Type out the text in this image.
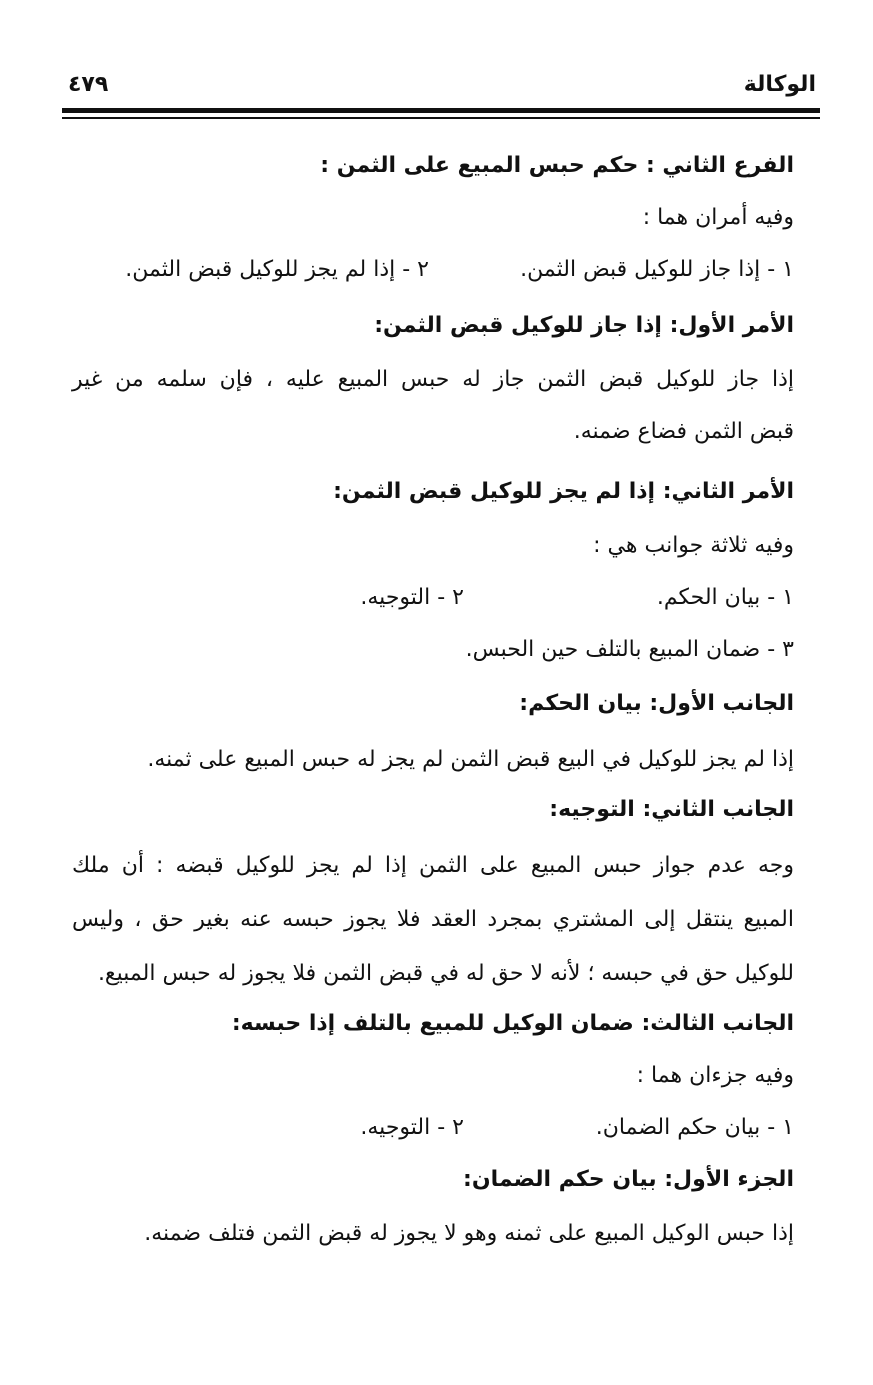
الوكالة
٤٧٩
الفرع الثاني : حكم حبس المبيع على الثمن :
وفيه أمران هما :
١ - إذا جاز للوكيل قبض الثمن.
٢ - إذا لم يجز للوكيل قبض الثمن.
الأمر الأول: إذا جاز للوكيل قبض الثمن:
إذا جاز للوكيل قبض الثمن جاز له حبس المبيع عليه ، فإن سلمه من غير
قبض الثمن فضاع ضمنه.
الأمر الثاني: إذا لم يجز للوكيل قبض الثمن:
وفيه ثلاثة جوانب هي :
١ - بيان الحكم.
٢ - التوجيه.
٣ - ضمان المبيع بالتلف حين الحبس.
الجانب الأول: بيان الحكم:
إذا لم يجز للوكيل في البيع قبض الثمن لم يجز له حبس المبيع على ثمنه.
الجانب الثاني: التوجيه:
وجه عدم جواز حبس المبيع على الثمن إذا لم يجز للوكيل قبضه : أن ملك
المبيع ينتقل إلى المشتري بمجرد العقد فلا يجوز حبسه عنه بغير حق ، وليس
للوكيل حق في حبسه ؛ لأنه لا حق له في قبض الثمن فلا يجوز له حبس المبيع.
الجانب الثالث: ضمان الوكيل للمبيع بالتلف إذا حبسه:
وفيه جزءان هما :
١ - بيان حكم الضمان.
٢ - التوجيه.
الجزء الأول: بيان حكم الضمان:
إذا حبس الوكيل المبيع على ثمنه وهو لا يجوز له قبض الثمن فتلف ضمنه.
